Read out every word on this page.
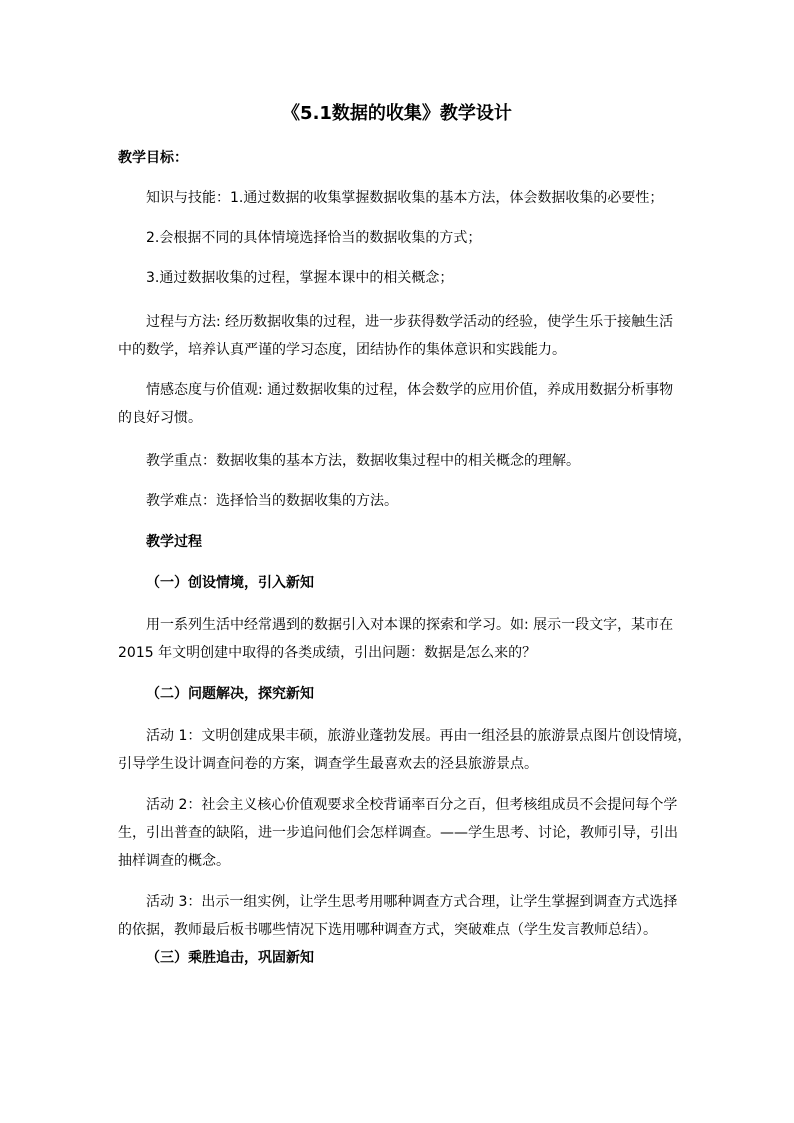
《5.1数据的收集》教学设计
教学目标：
知识与技能：1.通过数据的收集掌握数据收集的基本方法，体会数据收集的必要性；
2.会根据不同的具体情境选择恰当的数据收集的方式；
3.通过数据收集的过程，掌握本课中的相关概念；
过程与方法: 经历数据收集的过程，进一步获得数学活动的经验，使学生乐于接触生活
中的数学，培养认真严谨的学习态度，团结协作的集体意识和实践能力。
情感态度与价值观: 通过数据收集的过程，体会数学的应用价值，养成用数据分析事物
的良好习惯。
教学重点：数据收集的基本方法，数据收集过程中的相关概念的理解。
教学难点：选择恰当的数据收集的方法。
教学过程
（一）创设情境，引入新知
用一系列生活中经常遇到的数据引入对本课的探索和学习。如: 展示一段文字，某市在
2015 年文明创建中取得的各类成绩，引出问题：数据是怎么来的？
（二）问题解决，探究新知
活动 1：文明创建成果丰硕，旅游业蓬勃发展。再由一组泾县的旅游景点图片创设情境，
引导学生设计调查问卷的方案，调查学生最喜欢去的泾县旅游景点。
活动 2：社会主义核心价值观要求全校背诵率百分之百，但考核组成员不会提问每个学
生，引出普查的缺陷，进一步追问他们会怎样调查。——学生思考、讨论，教师引导，引出
抽样调查的概念。
活动 3：出示一组实例，让学生思考用哪种调查方式合理，让学生掌握到调查方式选择
的依据，教师最后板书哪些情况下选用哪种调查方式，突破难点（学生发言教师总结）。
（三）乘胜追击，巩固新知
